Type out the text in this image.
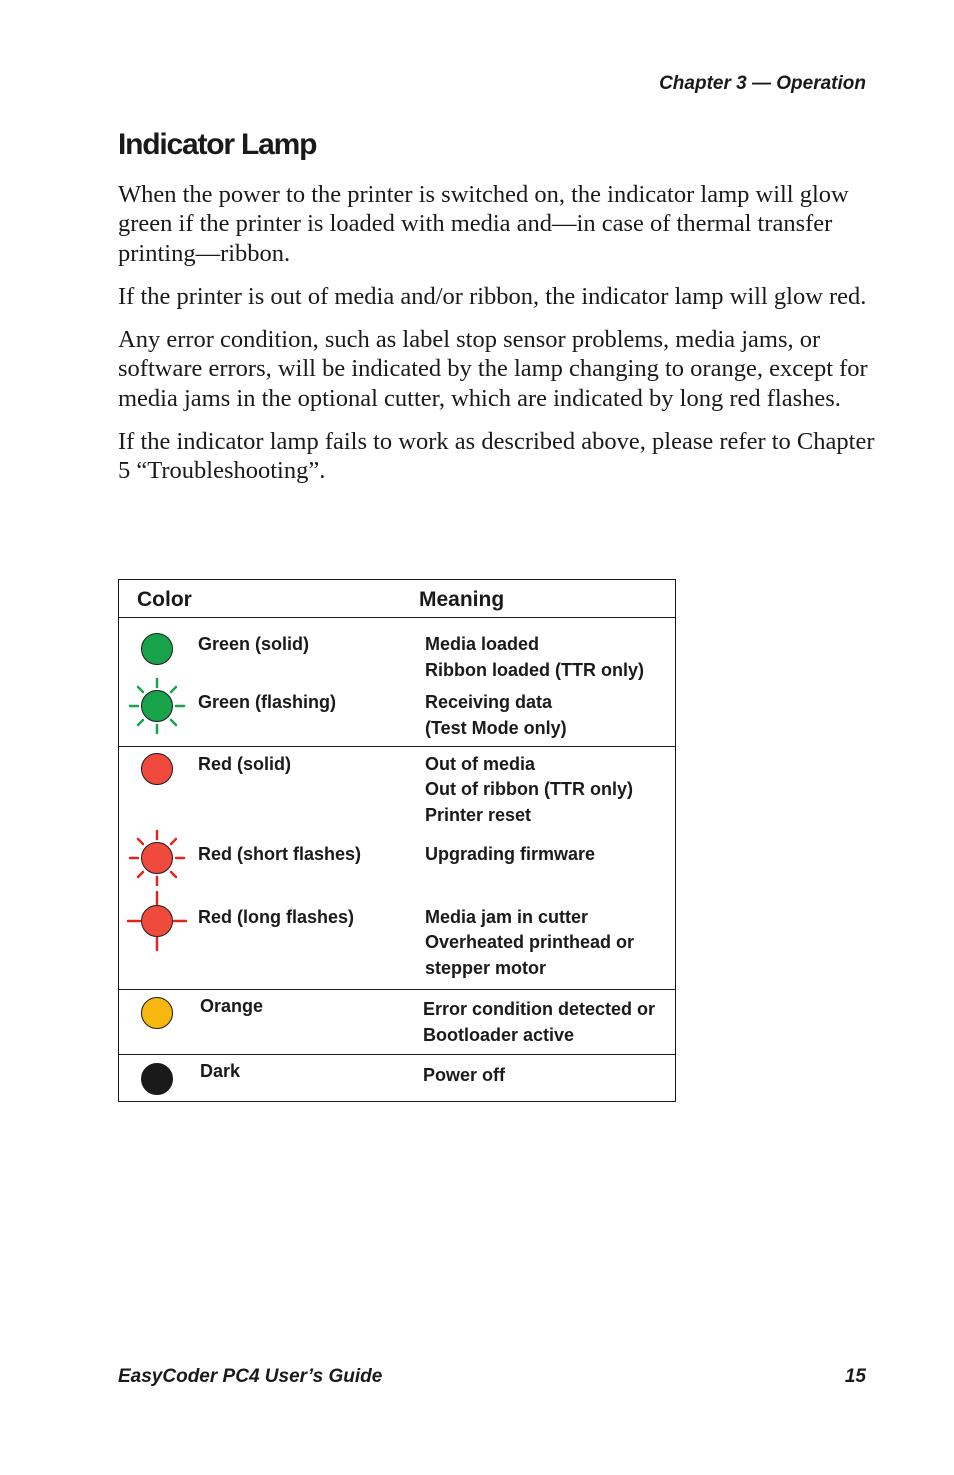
Chapter 3 — Operation
Indicator Lamp

When the power to the printer is switched on, the indicator lamp will glow green if the printer is loaded with media and—in case of thermal transfer printing—ribbon.

If the printer is out of media and/or ribbon, the indicator lamp will glow red.

Any error condition, such as label stop sensor problems, media jams, or software errors, will be indicated by the lamp changing to orange, except for media jams in the optional cutter, which are indicated by long red flashes.

If the indicator lamp fails to work as described above, please refer to Chapter 5 “Troubleshooting”.

Color	Meaning
Green (solid)	Media loaded
Ribbon loaded (TTR only)
Green (flashing)	Receiving data
(Test Mode only)
Red (solid)	Out of media
Out of ribbon (TTR only)
Printer reset
Red (short flashes)	Upgrading firmware
Red (long flashes)	Media jam in cutter
Overheated printhead or
stepper motor
Orange	Error condition detected or
Bootloader active
Dark	Power off
EasyCoder PC4 User’s Guide	15
